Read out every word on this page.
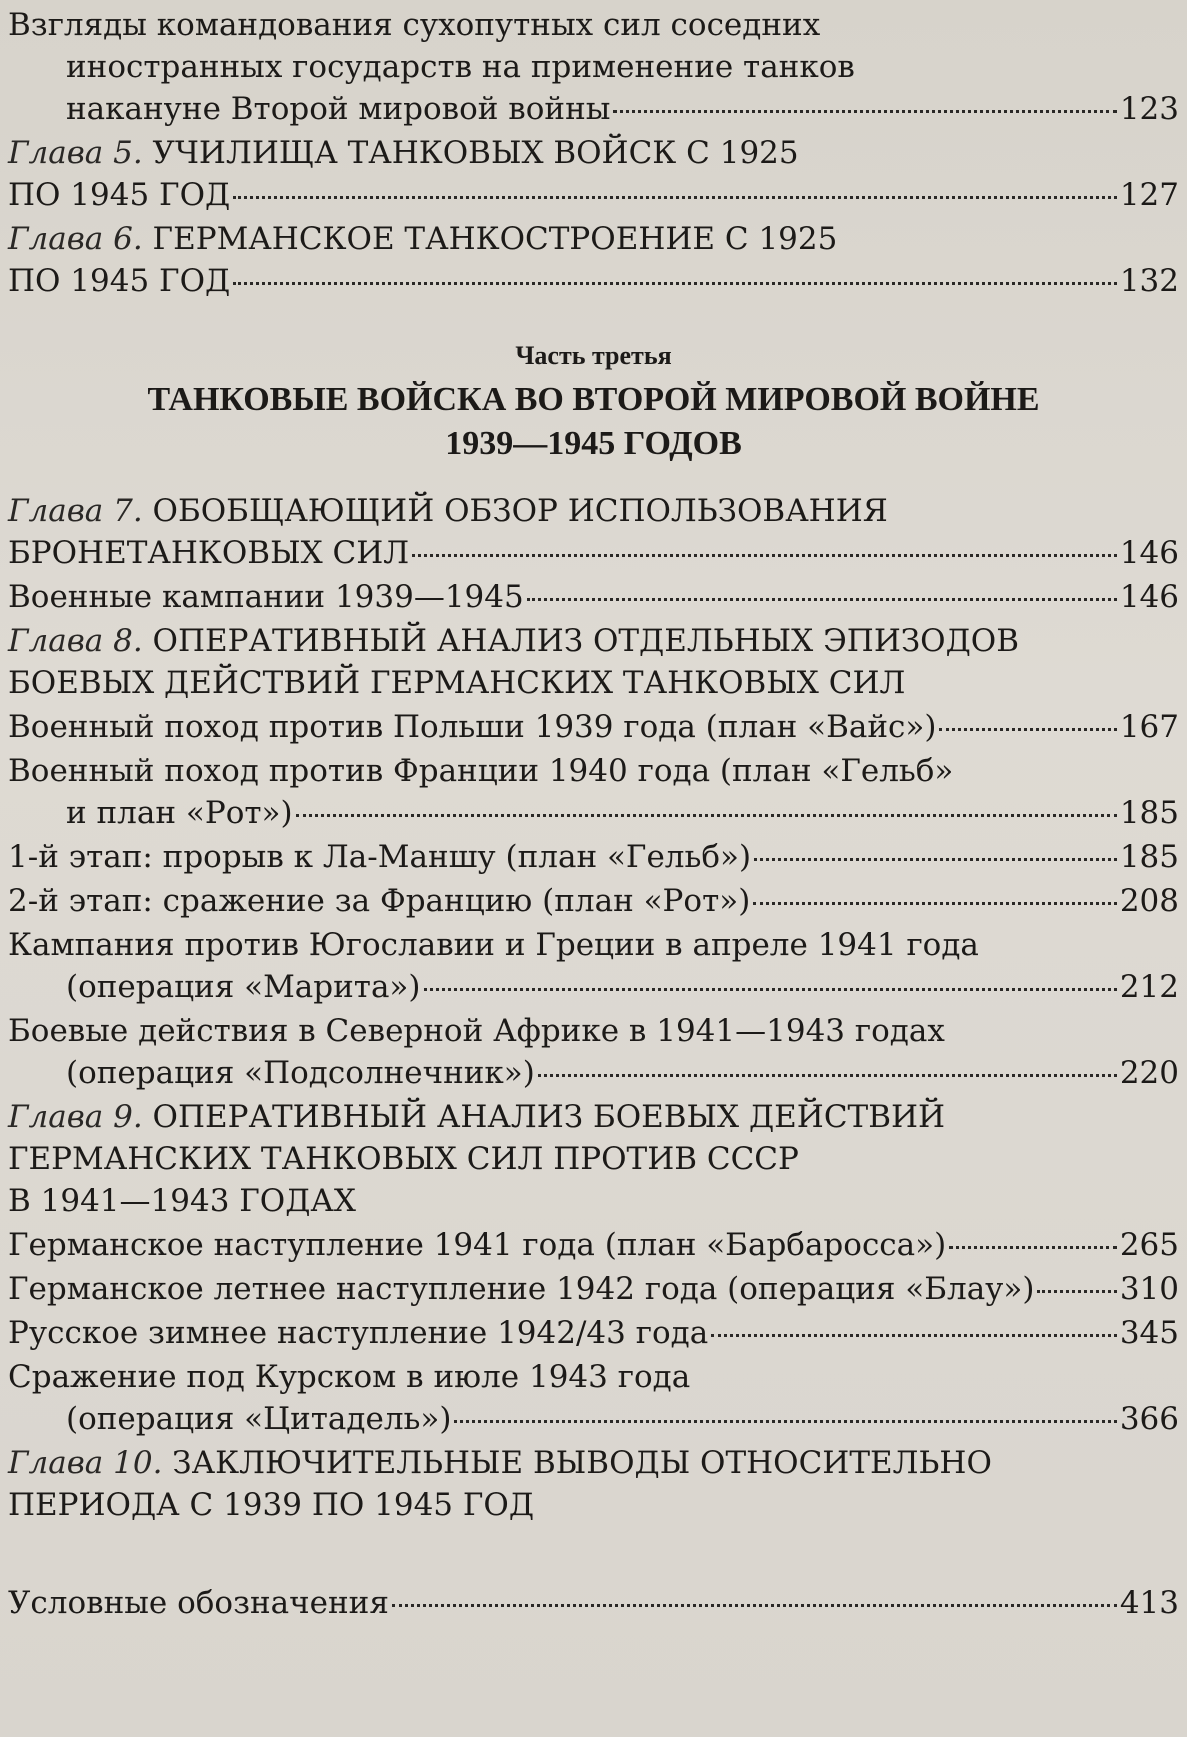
Взгляды командования сухопутных сил соседних
иностранных государств на применение танков
накануне Второй мировой войны	123
Глава 5. УЧИЛИЩА ТАНКОВЫХ ВОЙСК С 1925
ПО 1945 ГОД	127
Глава 6. ГЕРМАНСКОЕ ТАНКОСТРОЕНИЕ С 1925
ПО 1945 ГОД	132
Часть третья
ТАНКОВЫЕ ВОЙСКА ВО ВТОРОЙ МИРОВОЙ ВОЙНЕ
1939—1945 ГОДОВ
Глава 7. ОБОБЩАЮЩИЙ ОБЗОР ИСПОЛЬЗОВАНИЯ
БРОНЕТАНКОВЫХ СИЛ	146
Военные кампании 1939—1945	146
Глава 8. ОПЕРАТИВНЫЙ АНАЛИЗ ОТДЕЛЬНЫХ ЭПИЗОДОВ
БОЕВЫХ ДЕЙСТВИЙ ГЕРМАНСКИХ ТАНКОВЫХ СИЛ
Военный поход против Польши 1939 года (план «Вайс»)	167
Военный поход против Франции 1940 года (план «Гельб»
и план «Рот»)	185
1-й этап: прорыв к Ла-Маншу (план «Гельб»)	185
2-й этап: сражение за Францию (план «Рот»)	208
Кампания против Югославии и Греции в апреле 1941 года
(операция «Марита»)	212
Боевые действия в Северной Африке в 1941—1943 годах
(операция «Подсолнечник»)	220
Глава 9. ОПЕРАТИВНЫЙ АНАЛИЗ БОЕВЫХ ДЕЙСТВИЙ
ГЕРМАНСКИХ ТАНКОВЫХ СИЛ ПРОТИВ СССР
В 1941—1943 ГОДАХ
Германское наступление 1941 года (план «Барбаросса»)	265
Германское летнее наступление 1942 года (операция «Блау»)	310
Русское зимнее наступление 1942/43 года	345
Сражение под Курском в июле 1943 года
(операция «Цитадель»)	366
Глава 10. ЗАКЛЮЧИТЕЛЬНЫЕ ВЫВОДЫ ОТНОСИТЕЛЬНО
ПЕРИОДА С 1939 ПО 1945 ГОД
Условные обозначения	413
